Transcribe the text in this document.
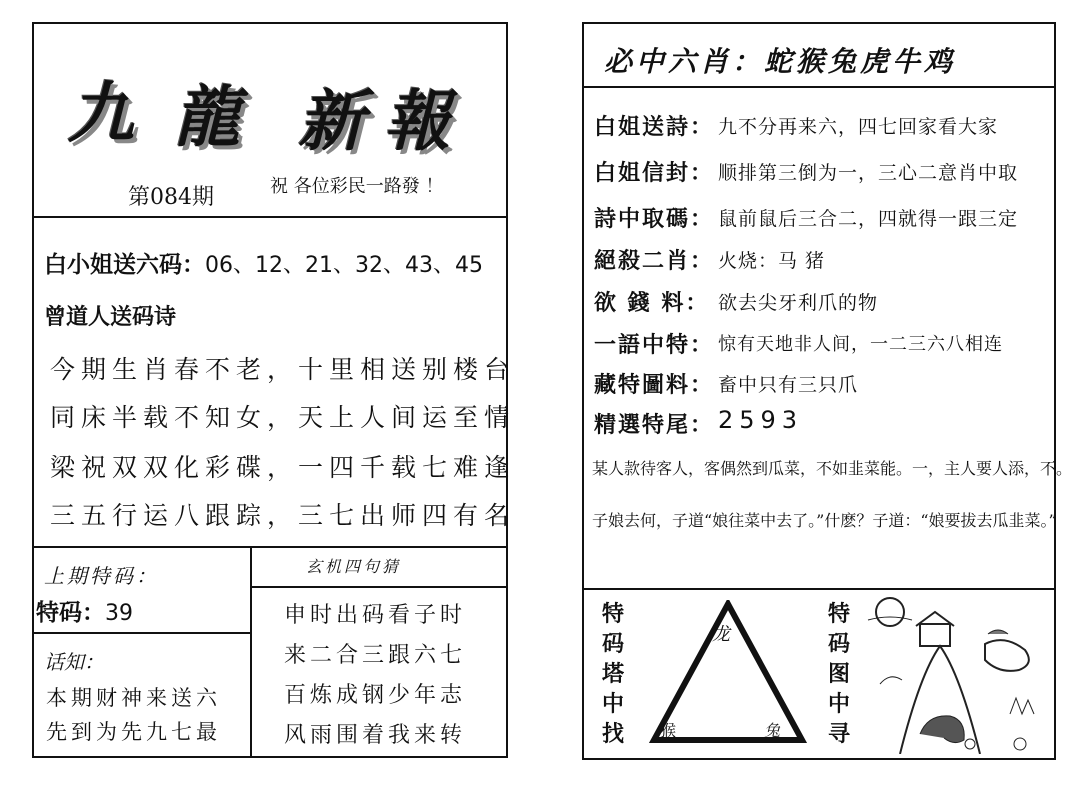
九 龍 新 報
第084期	祝 各位彩民一路發 ！
白小姐送六码：06、12、21、32、43、45
曾道人送码诗
今期生肖春不老，十里相送别楼台
同床半载不知女，天上人间运至情
梁祝双双化彩碟，一四千载七难逢
三五行运八跟踪，三七出师四有名
上期特码：
特码：39
话知：
本期财神来送六
先到为先九七最
玄机四句猜
申时出码看子时
来二合三跟六七
百炼成钢少年志
风雨围着我来转
必中六肖：蛇猴兔虎牛鸡
白姐送詩： 九不分再来六，四七回家看大家
白姐信封： 顺排第三倒为一，三心二意肖中取
詩中取碼： 鼠前鼠后三合二，四就得一跟三定
絕殺二肖： 火烧：马 猪
欲 錢 料： 欲去尖牙利爪的物
一語中特： 惊有天地非人间，一二三六八相连
藏特圖料： 畜中只有三只爪
精選特尾： 2593
某人款待客人，客偶然到瓜菜，不如韭菜能。一，主人要人添，不。
子娘去何，子道“娘往菜中去了。”什麽？子道：“娘要拔去瓜韭菜。”
特码塔中找
龙
猴	兔
特码图中寻
